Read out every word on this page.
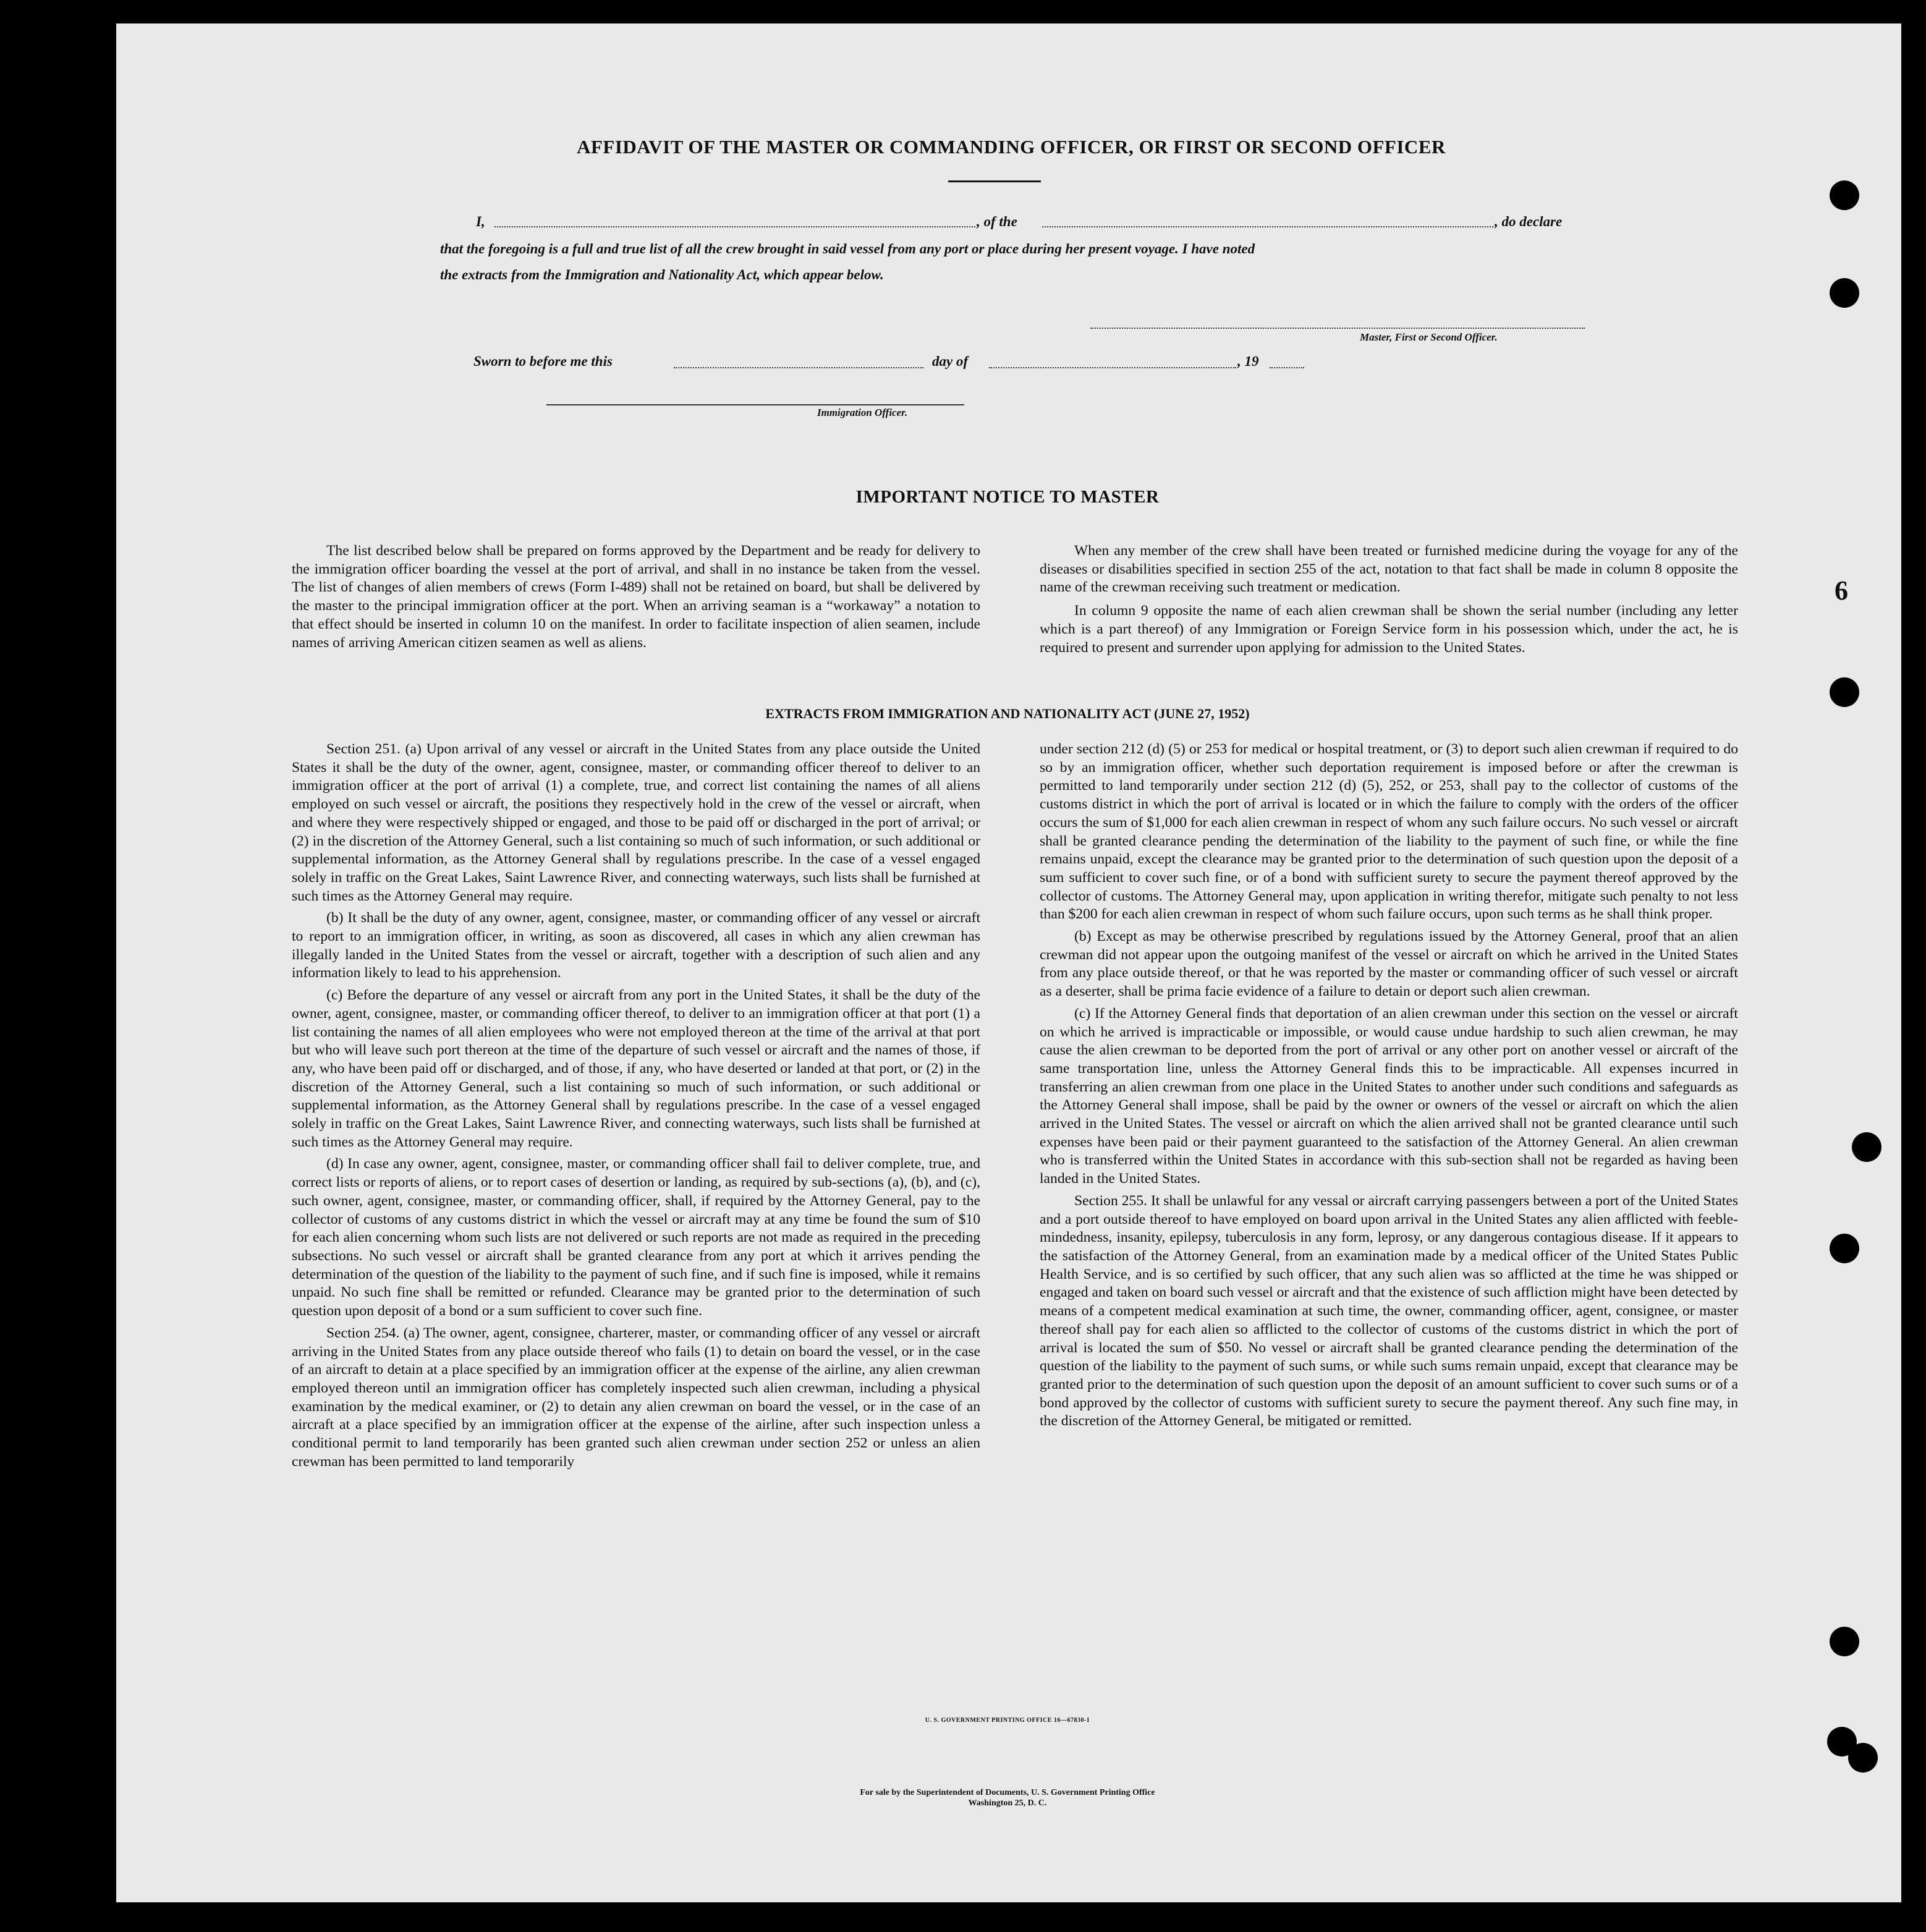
6
AFFIDAVIT OF THE MASTER OR COMMANDING OFFICER, OR FIRST OR SECOND OFFICER
I,	, of the	, do declare
that the foregoing is a full and true list of all the crew brought in said vessel from any port or place during her present voyage. I have noted
the extracts from the Immigration and Nationality Act, which appear below.
Master, First or Second Officer.
Sworn to before me this	day of	, 19
Immigration Officer.
IMPORTANT NOTICE TO MASTER

The list described below shall be prepared on forms approved by the Department and be ready for delivery to the immigration officer boarding the vessel at the port of arrival, and shall in no instance be taken from the vessel. The list of changes of alien members of crews (Form I-489) shall not be retained on board, but shall be delivered by the master to the principal immigration officer at the port. When an arriving seaman is a “workaway” a notation to that effect should be inserted in column 10 on the manifest. In order to facilitate inspection of alien seamen, include names of arriving American citizen seamen as well as aliens.

When any member of the crew shall have been treated or furnished medicine during the voyage for any of the diseases or disabilities specified in section 255 of the act, notation to that fact shall be made in column 8 opposite the name of the crewman receiving such treatment or medication.

In column 9 opposite the name of each alien crewman shall be shown the serial number (including any letter which is a part thereof) of any Immigration or Foreign Service form in his possession which, under the act, he is required to present and surrender upon applying for admission to the United States.

EXTRACTS FROM IMMIGRATION AND NATIONALITY ACT (JUNE 27, 1952)

Section 251. (a) Upon arrival of any vessel or aircraft in the United States from any place outside the United States it shall be the duty of the owner, agent, consignee, master, or commanding officer thereof to deliver to an immigration officer at the port of arrival (1) a complete, true, and correct list containing the names of all aliens employed on such vessel or aircraft, the positions they respectively hold in the crew of the vessel or aircraft, when and where they were respectively shipped or engaged, and those to be paid off or discharged in the port of arrival; or (2) in the discretion of the Attorney General, such a list containing so much of such information, or such additional or supplemental information, as the Attorney General shall by regulations prescribe. In the case of a vessel engaged solely in traffic on the Great Lakes, Saint Lawrence River, and connecting waterways, such lists shall be furnished at such times as the Attorney General may require.

(b) It shall be the duty of any owner, agent, consignee, master, or commanding officer of any vessel or aircraft to report to an immigration officer, in writing, as soon as discovered, all cases in which any alien crewman has illegally landed in the United States from the vessel or aircraft, together with a description of such alien and any information likely to lead to his apprehension.

(c) Before the departure of any vessel or aircraft from any port in the United States, it shall be the duty of the owner, agent, consignee, master, or commanding officer thereof, to deliver to an immigration officer at that port (1) a list containing the names of all alien employees who were not employed thereon at the time of the arrival at that port but who will leave such port thereon at the time of the departure of such vessel or aircraft and the names of those, if any, who have been paid off or discharged, and of those, if any, who have deserted or landed at that port, or (2) in the discretion of the Attorney General, such a list containing so much of such information, or such additional or supplemental information, as the Attorney General shall by regulations prescribe. In the case of a vessel engaged solely in traffic on the Great Lakes, Saint Lawrence River, and connecting waterways, such lists shall be furnished at such times as the Attorney General may require.

(d) In case any owner, agent, consignee, master, or commanding officer shall fail to deliver complete, true, and correct lists or reports of aliens, or to report cases of desertion or landing, as required by sub-sections (a), (b), and (c), such owner, agent, consignee, master, or commanding officer, shall, if required by the Attorney General, pay to the collector of customs of any customs district in which the vessel or aircraft may at any time be found the sum of $10 for each alien concerning whom such lists are not delivered or such reports are not made as required in the preceding subsections. No such vessel or aircraft shall be granted clearance from any port at which it arrives pending the determination of the question of the liability to the payment of such fine, and if such fine is imposed, while it remains unpaid. No such fine shall be remitted or refunded. Clearance may be granted prior to the determination of such question upon deposit of a bond or a sum sufficient to cover such fine.

Section 254. (a) The owner, agent, consignee, charterer, master, or commanding officer of any vessel or aircraft arriving in the United States from any place outside thereof who fails (1) to detain on board the vessel, or in the case of an aircraft to detain at a place specified by an immigration officer at the expense of the airline, any alien crewman employed thereon until an immigration officer has completely inspected such alien crewman, including a physical examination by the medical examiner, or (2) to detain any alien crewman on board the vessel, or in the case of an aircraft at a place specified by an immigration officer at the expense of the airline, after such inspection unless a conditional permit to land temporarily has been granted such alien crewman under section 252 or unless an alien crewman has been permitted to land temporarily

under section 212 (d) (5) or 253 for medical or hospital treatment, or (3) to deport such alien crewman if required to do so by an immigration officer, whether such deportation requirement is imposed before or after the crewman is permitted to land temporarily under section 212 (d) (5), 252, or 253, shall pay to the collector of customs of the customs district in which the port of arrival is located or in which the failure to comply with the orders of the officer occurs the sum of $1,000 for each alien crewman in respect of whom any such failure occurs. No such vessel or aircraft shall be granted clearance pending the determination of the liability to the payment of such fine, or while the fine remains unpaid, except the clearance may be granted prior to the determination of such question upon the deposit of a sum sufficient to cover such fine, or of a bond with sufficient surety to secure the payment thereof approved by the collector of customs. The Attorney General may, upon application in writing therefor, mitigate such penalty to not less than $200 for each alien crewman in respect of whom such failure occurs, upon such terms as he shall think proper.

(b) Except as may be otherwise prescribed by regulations issued by the Attorney General, proof that an alien crewman did not appear upon the outgoing manifest of the vessel or aircraft on which he arrived in the United States from any place outside thereof, or that he was reported by the master or commanding officer of such vessel or aircraft as a deserter, shall be prima facie evidence of a failure to detain or deport such alien crewman.

(c) If the Attorney General finds that deportation of an alien crewman under this section on the vessel or aircraft on which he arrived is impracticable or impossible, or would cause undue hardship to such alien crewman, he may cause the alien crewman to be deported from the port of arrival or any other port on another vessel or aircraft of the same transportation line, unless the Attorney General finds this to be impracticable. All expenses incurred in transferring an alien crewman from one place in the United States to another under such conditions and safeguards as the Attorney General shall impose, shall be paid by the owner or owners of the vessel or aircraft on which the alien arrived in the United States. The vessel or aircraft on which the alien arrived shall not be granted clearance until such expenses have been paid or their payment guaranteed to the satisfaction of the Attorney General. An alien crewman who is transferred within the United States in accordance with this sub-section shall not be regarded as having been landed in the United States.

Section 255. It shall be unlawful for any vessal or aircraft carrying passengers between a port of the United States and a port outside thereof to have employed on board upon arrival in the United States any alien afflicted with feeble-mindedness, insanity, epilepsy, tuberculosis in any form, leprosy, or any dangerous contagious disease. If it appears to the satisfaction of the Attorney General, from an examination made by a medical officer of the United States Public Health Service, and is so certified by such officer, that any such alien was so afflicted at the time he was shipped or engaged and taken on board such vessel or aircraft and that the existence of such affliction might have been detected by means of a competent medical examination at such time, the owner, commanding officer, agent, consignee, or master thereof shall pay for each alien so afflicted to the collector of customs of the customs district in which the port of arrival is located the sum of $50. No vessel or aircraft shall be granted clearance pending the determination of the question of the liability to the payment of such sums, or while such sums remain unpaid, except that clearance may be granted prior to the determination of such question upon the deposit of an amount sufficient to cover such sums or of a bond approved by the collector of customs with sufficient surety to secure the payment thereof. Any such fine may, in the discretion of the Attorney General, be mitigated or remitted.

U. S. GOVERNMENT PRINTING OFFICE 16—67830-1
For sale by the Superintendent of Documents, U. S. Government Printing Office
Washington 25, D. C.
